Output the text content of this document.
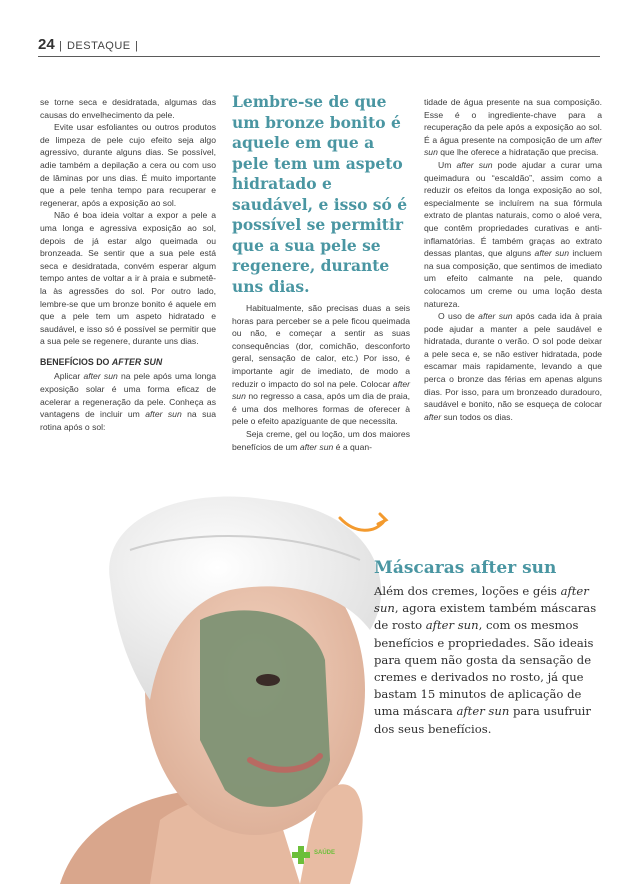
24 | DESTAQUE |

se torne seca e desidratada, algumas das causas do envelhecimento da pele.

Evite usar esfoliantes ou outros produtos de limpeza de pele cujo efeito seja algo agressivo, durante alguns dias. Se possível, adie também a depilação a cera ou com uso de lâminas por uns dias. É muito importante que a pele tenha tempo para recuperar e regenerar, após a exposição ao sol.

Não é boa ideia voltar a expor a pele a uma longa e agressiva exposição ao sol, depois de já estar algo queimada ou bronzeada. Se sentir que a sua pele está seca e desidratada, convém esperar algum tempo antes de voltar a ir à praia e submetê-la às agressões do sol. Por outro lado, lembre-se que um bronze bonito é aquele em que a pele tem um aspeto hidratado e saudável, e isso só é possível se permitir que a sua pele se regenere, durante uns dias.

BENEFÍCIOS DO AFTER SUN

Aplicar after sun na pele após uma longa exposição solar é uma forma eficaz de acelerar a regeneração da pele. Conheça as vantagens de incluir um after sun na sua rotina após o sol:

Lembre-se de que um bronze bonito é aquele em que a pele tem um aspeto hidratado e saudável, e isso só é possível se permitir que a sua pele se regenere, durante uns dias.

Habitualmente, são precisas duas a seis horas para perceber se a pele ficou queimada ou não, e começar a sentir as suas consequências (dor, comichão, desconforto geral, sensação de calor, etc.) Por isso, é importante agir de imediato, de modo a reduzir o impacto do sol na pele. Colocar after sun no regresso a casa, após um dia de praia, é uma dos melhores formas de oferecer à pele o efeito apaziguante de que necessita.

Seja creme, gel ou loção, um dos maiores benefícios de um after sun é a quan-

tidade de água presente na sua composição. Esse é o ingrediente-chave para a recuperação da pele após a exposição ao sol. É a água presente na composição de um after sun que lhe oferece a hidratação que precisa.

Um after sun pode ajudar a curar uma queimadura ou “escaldão”, assim como a reduzir os efeitos da longa exposição ao sol, especialmente se incluírem na sua fórmula extrato de plantas naturais, como o aloé vera, que contêm propriedades curativas e anti-inflamatórias. É também graças ao extrato dessas plantas, que alguns after sun incluem na sua composição, que sentimos de imediato um efeito calmante na pele, quando colocamos um creme ou uma loção desta natureza.

O uso de after sun após cada ida à praia pode ajudar a manter a pele saudável e hidratada, durante o verão. O sol pode deixar a pele seca e, se não estiver hidratada, pode escamar mais rapidamente, levando a que perca o bronze das férias em apenas alguns dias. Por isso, para um bronzeado duradouro, saudável e bonito, não se esqueça de colocar after sun todos os dias.

Máscaras after sun
Além dos cremes, loções e géis after sun, agora existem também máscaras de rosto after sun, com os mesmos benefícios e propriedades. São ideais para quem não gosta da sensação de cremes e derivados no rosto, já que bastam 15 minutos de aplicação de uma máscara after sun para usufruir dos seus benefícios.
SAÚDE
